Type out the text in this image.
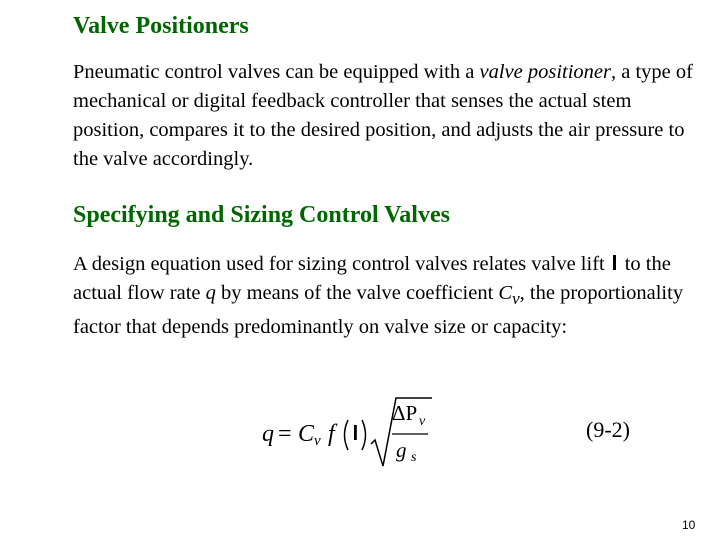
Valve Positioners

Pneumatic control valves can be equipped with a valve positioner, a type of mechanical or digital feedback controller that senses the actual stem position, compares it to the desired position, and adjusts the air pressure to the valve accordingly.

Specifying and Sizing Control Valves

A design equation used for sizing control valves relates valve lift to the actual flow rate q by means of the valve coefficient $C_v$, the proportionality factor that depends predominantly on valve size or capacity:

q = C v f
ΔP v
g s
(9-2)
10
